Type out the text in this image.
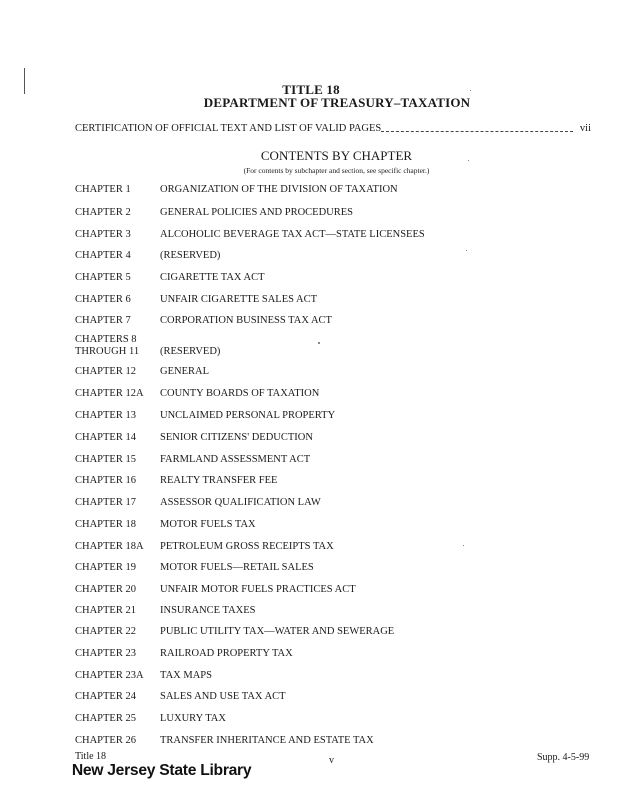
TITLE 18
DEPARTMENT OF TREASURY–TAXATION
CERTIFICATION OF OFFICIAL TEXT AND LIST OF VALID PAGES	vii
CONTENTS BY CHAPTER
(For contents by subchapter and section, see specific chapter.)
CHAPTER 1	ORGANIZATION OF THE DIVISION OF TAXATION
CHAPTER 2	GENERAL POLICIES AND PROCEDURES
CHAPTER 3	ALCOHOLIC BEVERAGE TAX ACT—STATE LICENSEES
CHAPTER 4	(RESERVED)
CHAPTER 5	CIGARETTE TAX ACT
CHAPTER 6	UNFAIR CIGARETTE SALES ACT
CHAPTER 7	CORPORATION BUSINESS TAX ACT
CHAPTERS 8
THROUGH 11	(RESERVED)
CHAPTER 12	GENERAL
CHAPTER 12A	COUNTY BOARDS OF TAXATION
CHAPTER 13	UNCLAIMED PERSONAL PROPERTY
CHAPTER 14	SENIOR CITIZENS' DEDUCTION
CHAPTER 15	FARMLAND ASSESSMENT ACT
CHAPTER 16	REALTY TRANSFER FEE
CHAPTER 17	ASSESSOR QUALIFICATION LAW
CHAPTER 18	MOTOR FUELS TAX
CHAPTER 18A	PETROLEUM GROSS RECEIPTS TAX
CHAPTER 19	MOTOR FUELS—RETAIL SALES
CHAPTER 20	UNFAIR MOTOR FUELS PRACTICES ACT
CHAPTER 21	INSURANCE TAXES
CHAPTER 22	PUBLIC UTILITY TAX—WATER AND SEWERAGE
CHAPTER 23	RAILROAD PROPERTY TAX
CHAPTER 23A	TAX MAPS
CHAPTER 24	SALES AND USE TAX ACT
CHAPTER 25	LUXURY TAX
CHAPTER 26	TRANSFER INHERITANCE AND ESTATE TAX
Title 18	v	Supp. 4-5-99
New Jersey State Library
